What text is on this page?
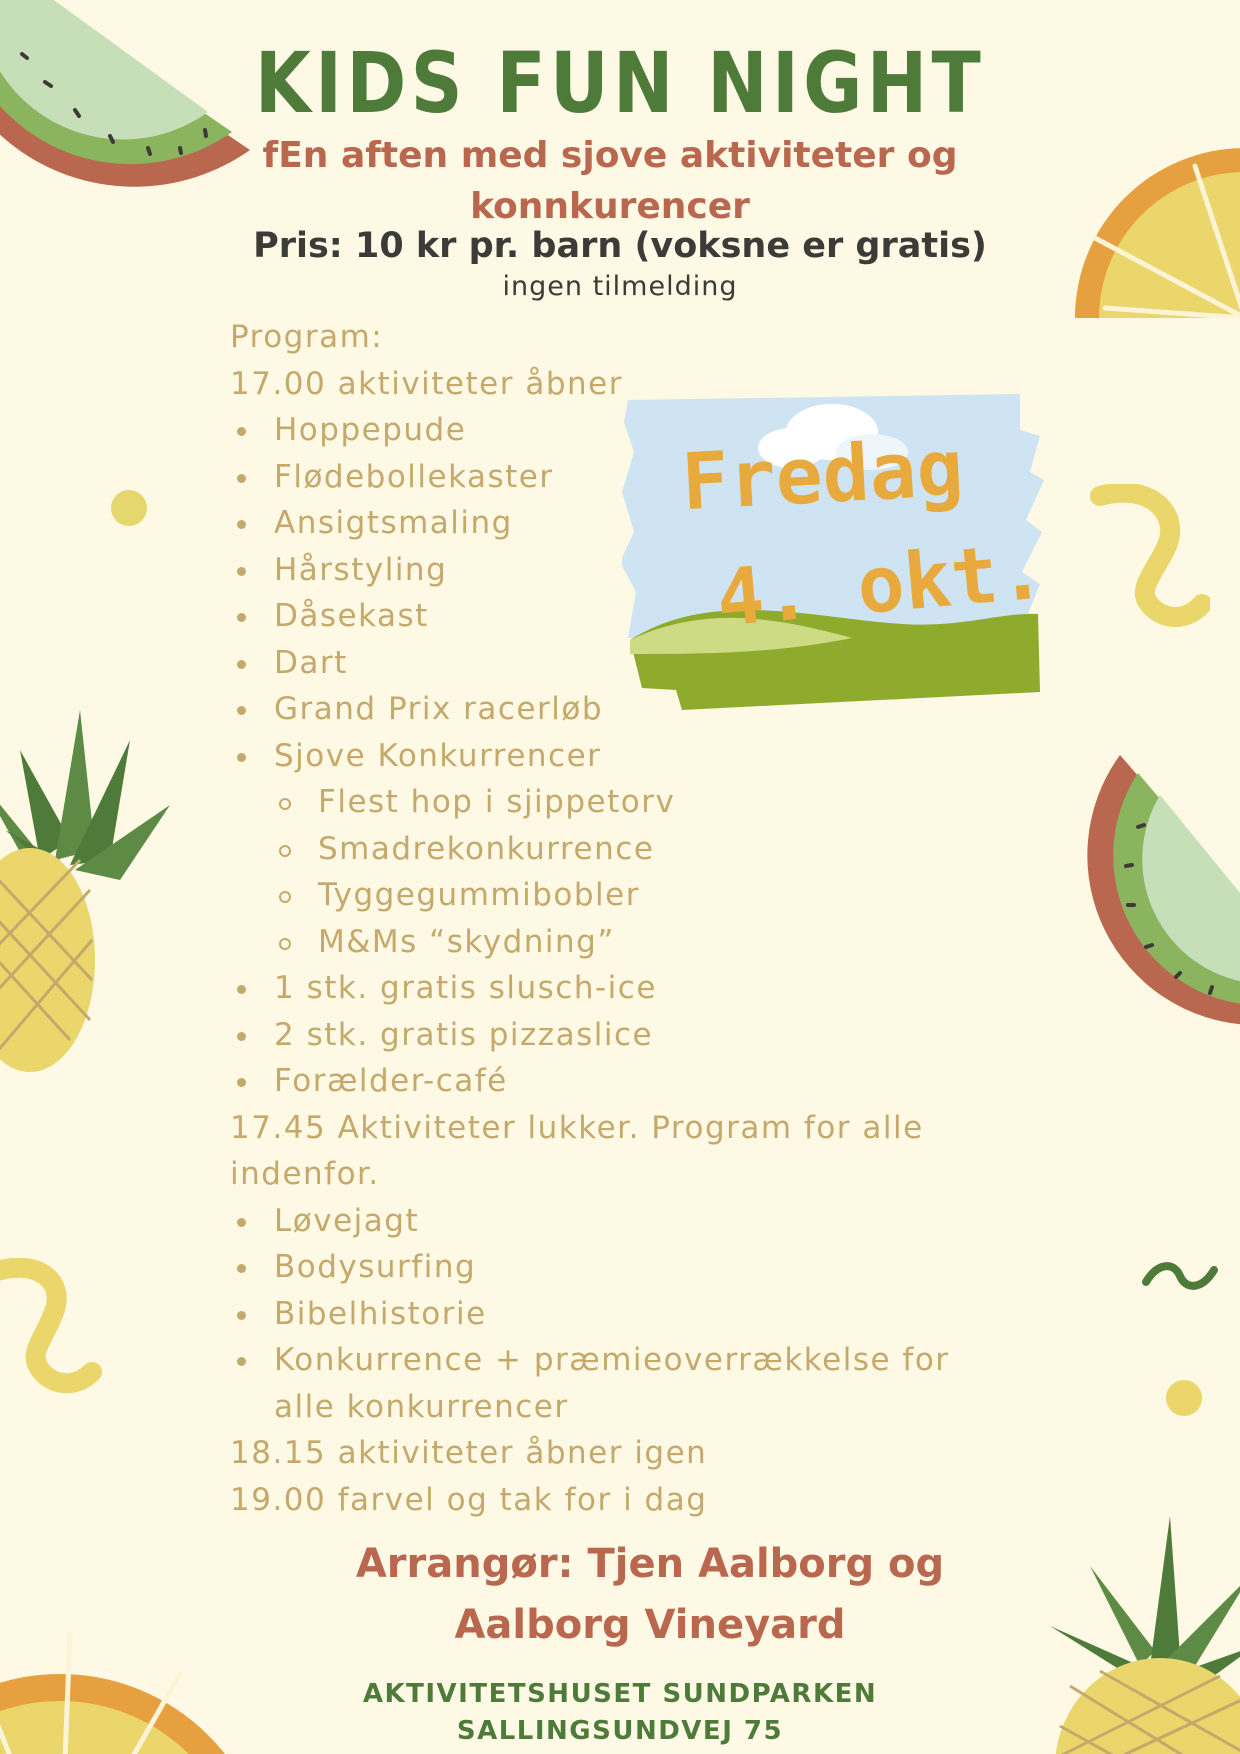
KIDS FUN NIGHT
fEn aften med sjove aktiviteter og
konnkurencer
Pris: 10 kr pr. barn (voksne er gratis)
ingen tilmelding
Fredag
4. okt.

Program:

17.00 aktiviteter åbner

Hoppepude
Flødebollekaster
Ansigtsmaling
Hårstyling
Dåsekast
Dart
Grand Prix racerløb
Sjove Konkurrencer
Flest hop i sjippetorv
Smadrekonkurrence
Tyggegummibobler
M&Ms “skydning”
1 stk. gratis slusch-ice
2 stk. gratis pizzaslice
Forælder-café

17.45 Aktiviteter lukker. Program for alle

indenfor.

Løvejagt
Bodysurfing
Bibelhistorie
Konkurrence + præmieoverrækkelse for
alle konkurrencer

18.15 aktiviteter åbner igen

19.00 farvel og tak for i dag

Arrangør: Tjen Aalborg og
Aalborg Vineyard
AKTIVITETSHUSET SUNDPARKEN
SALLINGSUNDVEJ 75
